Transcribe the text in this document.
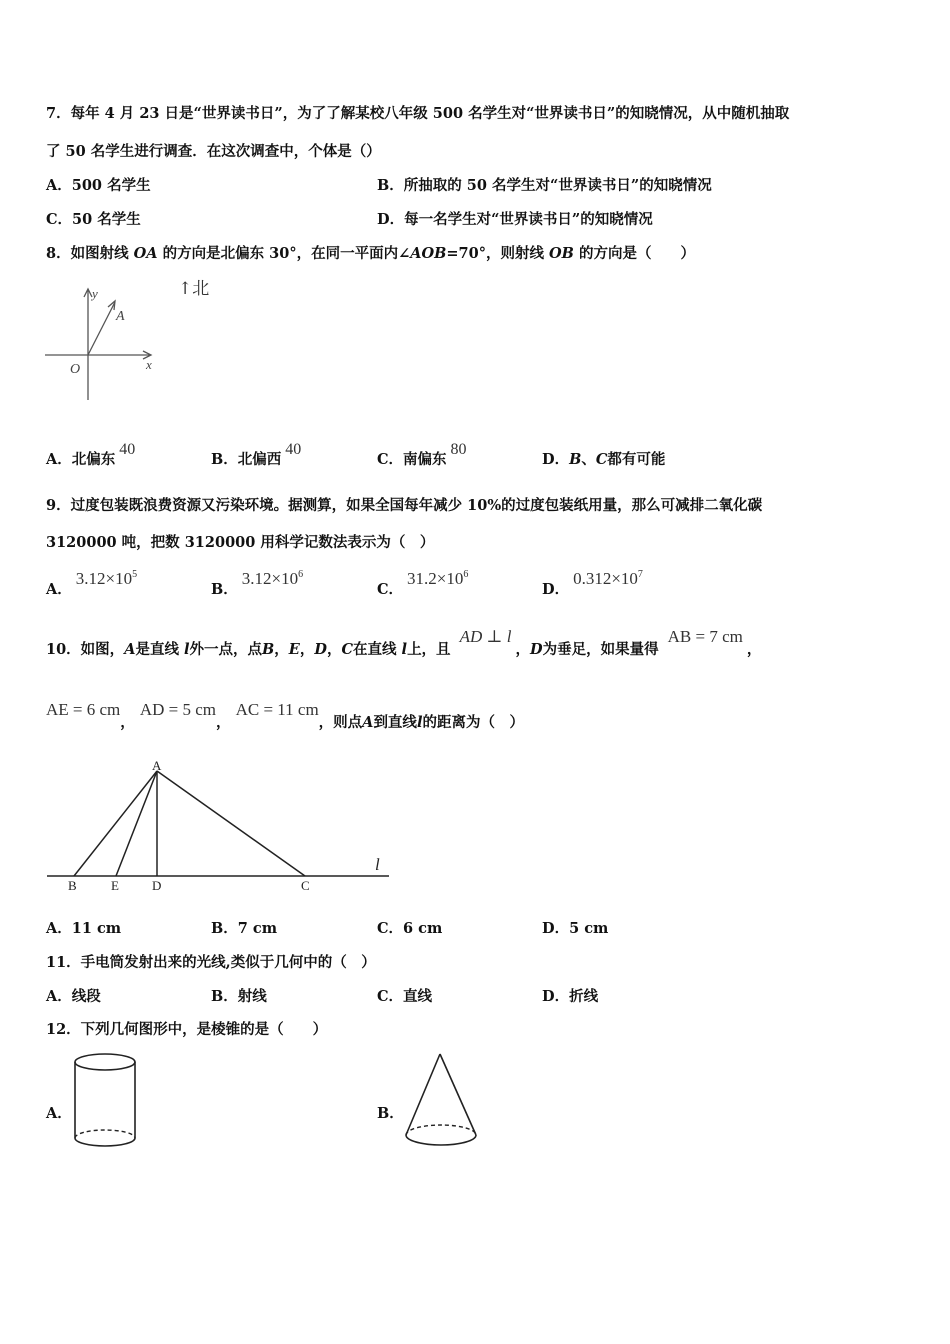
7．每年 4 月 23 日是“世界读书日”，为了了解某校八年级 500 名学生对“世界读书日”的知晓情况，从中随机抽取
了 50 名学生进行调查．在这次调查中，个体是（）
A．500 名学生	B．所抽取的 50 名学生对“世界读书日”的知晓情况
C．50 名学生	D．每一名学生对“世界读书日”的知晓情况
8．如图射线 OA 的方向是北偏东 30°，在同一平面内∠AOB=70°，则射线 OB 的方向是（　　）
↑北
y
x
O
A
A．北偏东40
B．北偏西40
C．南偏东80
D．B、C都有可能
9．过度包装既浪费资源又污染环境。据测算，如果全国每年减少 10%的过度包装纸用量，那么可减排二氧化碳
3120000 吨，把数 3120000 用科学记数法表示为（　）
A．$3.12\times 10^5$
B．$3.12\times 10^6$
C．$31.2\times 10^6$
D．$0.312\times 10^7$
10．如图，A是直线 l外一点，点B，E，D，C在直线 l上，且 AD ⊥ l，D为垂足，如果量得 AB = 7 cm，
AE = 6 cm， AD = 5 cm， AC = 11 cm，则点A到直线l的距离为（　）
A
B	E	D	C
l
A．11 cm	B．7 cm	C．6 cm	D．5 cm
11．手电筒发射出来的光线,类似于几何中的（　）
A．线段	B．射线	C．直线	D．折线
12．下列几何图形中，是棱锥的是（　　）
A．	B．
